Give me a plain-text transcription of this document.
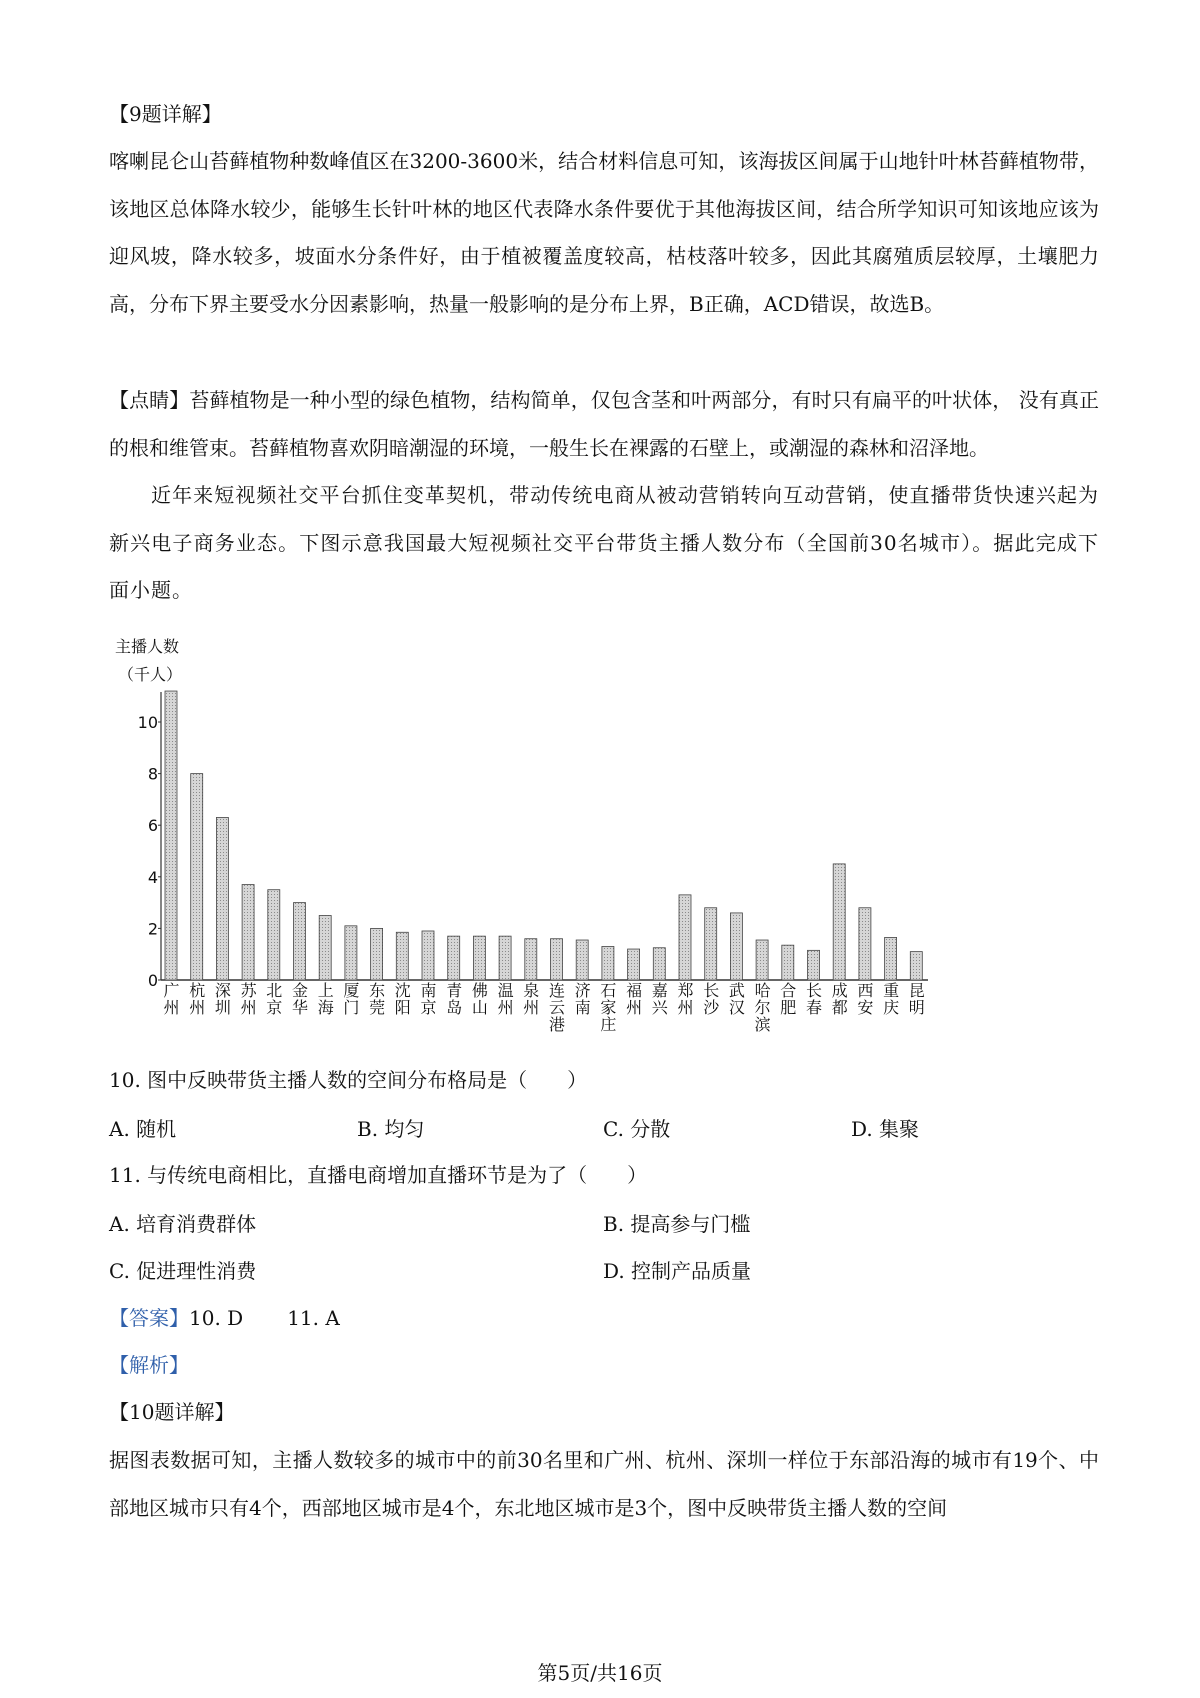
【9题详解】
喀喇昆仑山苔藓植物种数峰值区在3200-3600米，结合材料信息可知，该海拔区间属于山地针叶林苔藓植物带，该地区总体降水较少，能够生长针叶林的地区代表降水条件要优于其他海拔区间，结合所学知识可知该地应该为迎风坡，降水较多，坡面水分条件好，由于植被覆盖度较高，枯枝落叶较多，因此其腐殖质层较厚，土壤肥力高，分布下界主要受水分因素影响，热量一般影响的是分布上界，B正确，ACD错误，故选B。
【点睛】苔藓植物是一种小型的绿色植物，结构简单，仅包含茎和叶两部分，有时只有扁平的叶状体， 没有真正的根和维管束。苔藓植物喜欢阴暗潮湿的环境，一般生长在裸露的石壁上，或潮湿的森林和沼泽地。
近年来短视频社交平台抓住变革契机，带动传统电商从被动营销转向互动营销，使直播带货快速兴起为新兴电子商务业态。下图示意我国最大短视频社交平台带货主播人数分布（全国前30名城市）。据此完成下面小题。
主播人数
（千人）
0
2
4
6
8
10
广州 杭州 深圳 苏州 北京 金华 上海 厦门 东莞 沈阳 南京 青岛 佛山 温州 泉州 连云港 济南 石家庄 福州 嘉兴 郑州 长沙 武汉 哈尔滨 合肥 长春 成都 西安 重庆 昆明
10. 图中反映带货主播人数的空间分布格局是（　　）
A. 随机	B. 均匀	C. 分散	D. 集聚
11. 与传统电商相比，直播电商增加直播环节是为了（　　）
A. 培育消费群体	B. 提高参与门槛
C. 促进理性消费	D. 控制产品质量
【答案】10. D 11. A
【解析】
【10题详解】
据图表数据可知，主播人数较多的城市中的前30名里和广州、杭州、深圳一样位于东部沿海的城市有19个、中部地区城市只有4个，西部地区城市是4个，东北地区城市是3个，图中反映带货主播人数的空间
第5页/共16页
